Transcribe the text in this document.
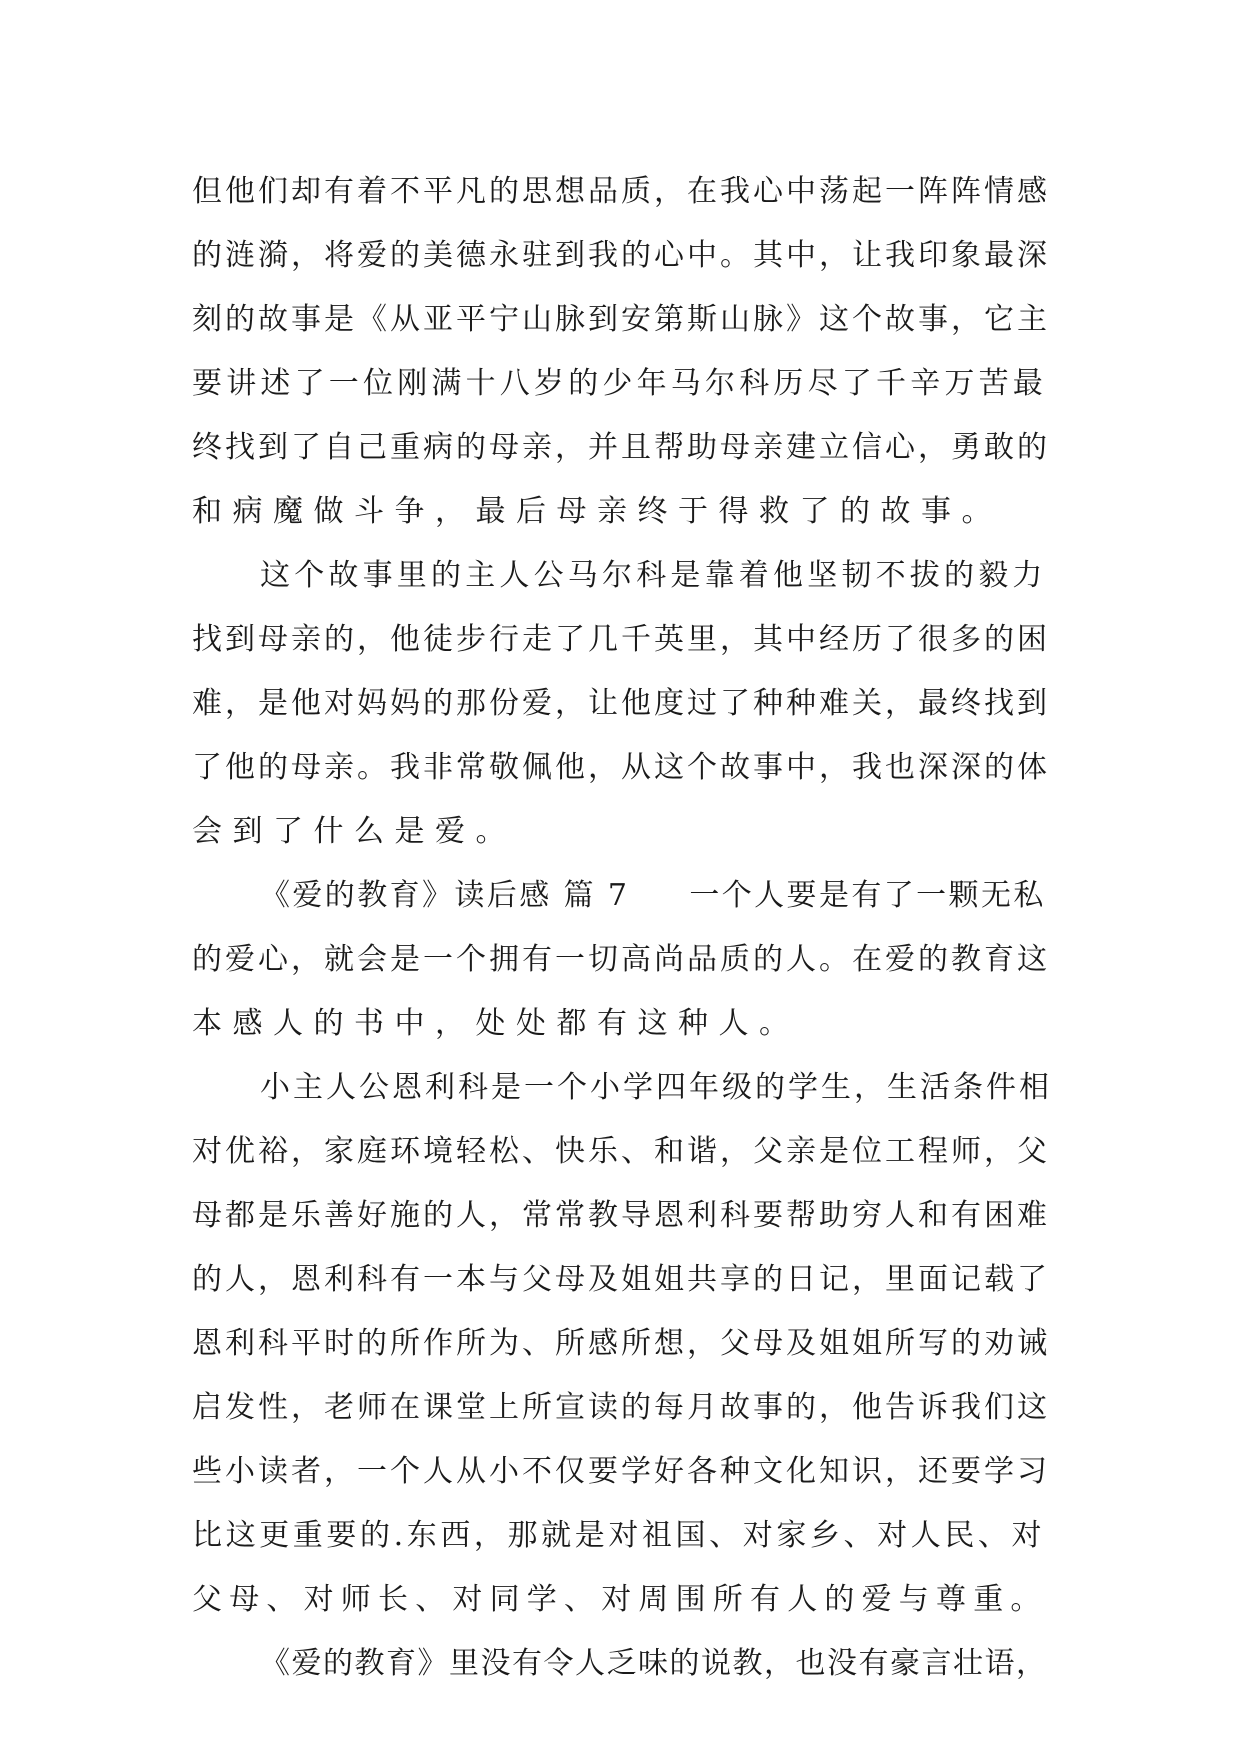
但他们却有着不平凡的思想品质，在我心中荡起一阵阵情感
的涟漪，将爱的美德永驻到我的心中。其中，让我印象最深
刻的故事是《从亚平宁山脉到安第斯山脉》这个故事，它主
要讲述了一位刚满十八岁的少年马尔科历尽了千辛万苦最
终找到了自己重病的母亲，并且帮助母亲建立信心，勇敢的
和病魔做斗争，最后母亲终于得救了的故事。
这个故事里的主人公马尔科是靠着他坚韧不拔的毅力
找到母亲的，他徒步行走了几千英里，其中经历了很多的困
难，是他对妈妈的那份爱，让他度过了种种难关，最终找到
了他的母亲。我非常敬佩他，从这个故事中，我也深深的体
会到了什么是爱。
《爱的教育》读后感 篇 7 一个人要是有了一颗无私
的爱心，就会是一个拥有一切高尚品质的人。在爱的教育这
本感人的书中，处处都有这种人。
小主人公恩利科是一个小学四年级的学生，生活条件相
对优裕，家庭环境轻松、快乐、和谐，父亲是位工程师，父
母都是乐善好施的人，常常教导恩利科要帮助穷人和有困难
的人，恩利科有一本与父母及姐姐共享的日记，里面记载了
恩利科平时的所作所为、所感所想，父母及姐姐所写的劝诫
启发性，老师在课堂上所宣读的每月故事的，他告诉我们这
些小读者，一个人从小不仅要学好各种文化知识，还要学习
比这更重要的.东西，那就是对祖国、对家乡、对人民、对
父母、对师长、对同学、对周围所有人的爱与尊重。
《爱的教育》里没有令人乏味的说教，也没有豪言壮语，
